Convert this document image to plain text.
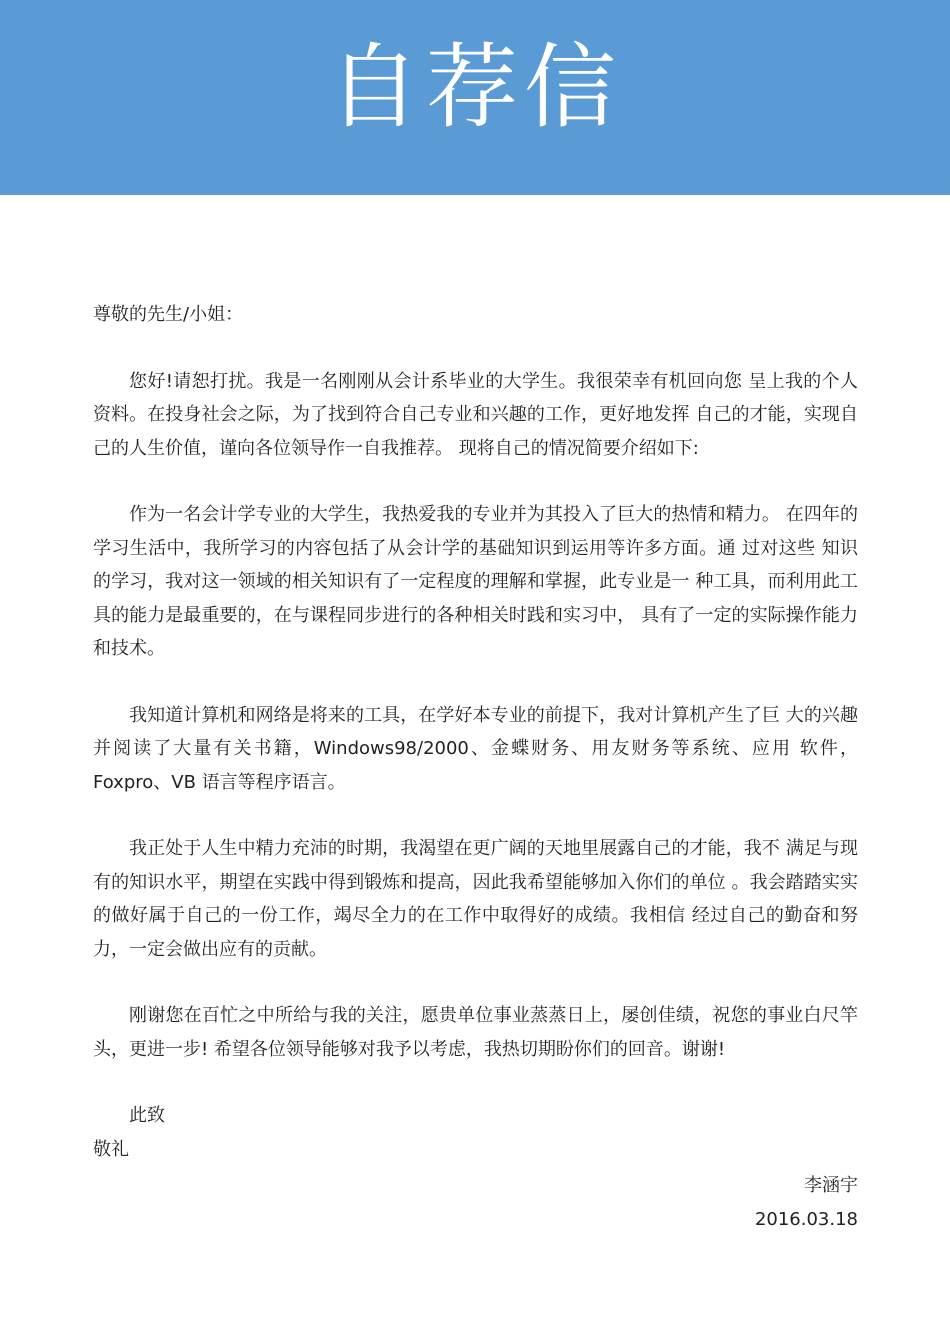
自荐信

尊敬的先生/小姐：

您好!请恕打扰。我是一名刚刚从会计系毕业的大学生。我很荣幸有机回向您 呈上我的个人资料。在投身社会之际，为了找到符合自己专业和兴趣的工作，更好地发挥 自己的才能，实现自己的人生价值，谨向各位领导作一自我推荐。 现将自己的情况简要介绍如下:

作为一名会计学专业的大学生，我热爱我的专业并为其投入了巨大的热情和精力。 在四年的学习生活中，我所学习的内容包括了从会计学的基础知识到运用等许多方面。通 过对这些 知识的学习，我对这一领域的相关知识有了一定程度的理解和掌握，此专业是一 种工具，而利用此工具的能力是最重要的，在与课程同步进行的各种相关时践和实习中， 具有了一定的实际操作能力和技术。

我知道计算机和网络是将来的工具，在学好本专业的前提下，我对计算机产生了巨 大的兴趣并阅读了大量有关书籍，Windows98/2000、金蝶财务、用友财务等系统、应用 软件，Foxpro、VB 语言等程序语言。

我正处于人生中精力充沛的时期，我渴望在更广阔的天地里展露自己的才能，我不 满足与现有的知识水平，期望在实践中得到锻炼和提高，因此我希望能够加入你们的单位 。我会踏踏实实的做好属于自己的一份工作，竭尽全力的在工作中取得好的成绩。我相信 经过自己的勤奋和努力，一定会做出应有的贡献。

刚谢您在百忙之中所给与我的关注，愿贵单位事业蒸蒸日上，屡创佳绩，祝您的事业白尺竿头，更进一步! 希望各位领导能够对我予以考虑，我热切期盼你们的回音。谢谢!

此致

敬礼

李涵宇
2016.03.18
